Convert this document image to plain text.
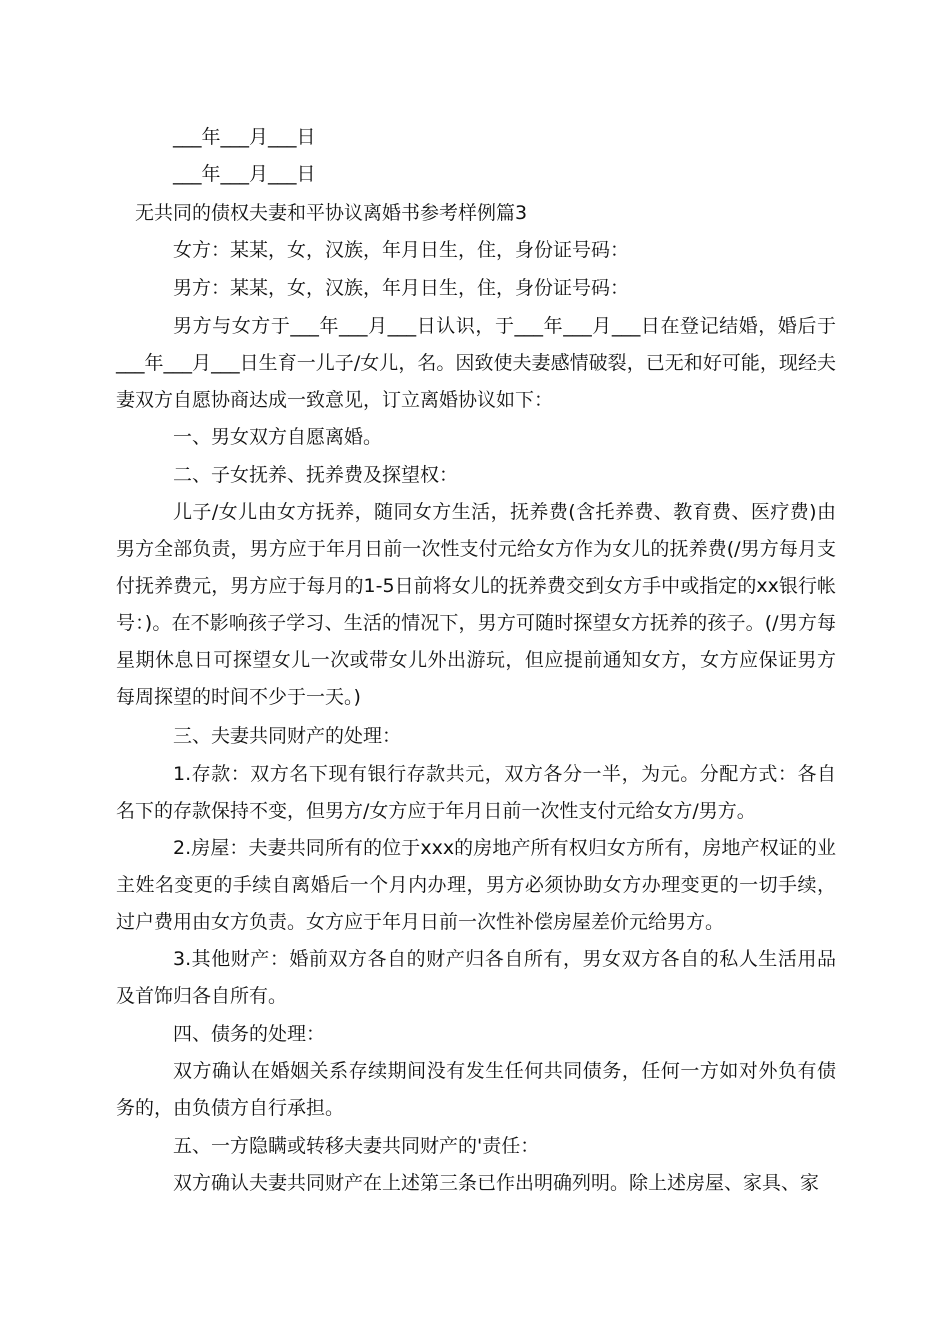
___年___月___日

___年___月___日

无共同的债权夫妻和平协议离婚书参考样例篇3

女方：某某，女，汉族，年月日生，住，身份证号码：

男方：某某，女，汉族，年月日生，住，身份证号码：

男方与女方于___年___月___日认识，于___年___月___日在登记结婚，婚后于___年___月___日生育一儿子/女儿，名。因致使夫妻感情破裂，已无和好可能，现经夫妻双方自愿协商达成一致意见，订立离婚协议如下：

一、男女双方自愿离婚。

二、子女抚养、抚养费及探望权：

儿子/女儿由女方抚养，随同女方生活，抚养费(含托养费、教育费、医疗费)由男方全部负责，男方应于年月日前一次性支付元给女方作为女儿的抚养费(/男方每月支付抚养费元，男方应于每月的1-5日前将女儿的抚养费交到女方手中或指定的xx银行帐号：)。在不影响孩子学习、生活的情况下，男方可随时探望女方抚养的孩子。(/男方每星期休息日可探望女儿一次或带女儿外出游玩，但应提前通知女方，女方应保证男方每周探望的时间不少于一天。)

三、夫妻共同财产的处理：

1.存款：双方名下现有银行存款共元，双方各分一半，为元。分配方式：各自名下的存款保持不变，但男方/女方应于年月日前一次性支付元给女方/男方。

2.房屋：夫妻共同所有的位于xxx的房地产所有权归女方所有，房地产权证的业主姓名变更的手续自离婚后一个月内办理，男方必须协助女方办理变更的一切手续，过户费用由女方负责。女方应于年月日前一次性补偿房屋差价元给男方。

3.其他财产：婚前双方各自的财产归各自所有，男女双方各自的私人生活用品及首饰归各自所有。

四、债务的处理：

双方确认在婚姻关系存续期间没有发生任何共同债务，任何一方如对外负有债务的，由负债方自行承担。

五、一方隐瞒或转移夫妻共同财产的'责任：

双方确认夫妻共同财产在上述第三条已作出明确列明。除上述房屋、家具、家
